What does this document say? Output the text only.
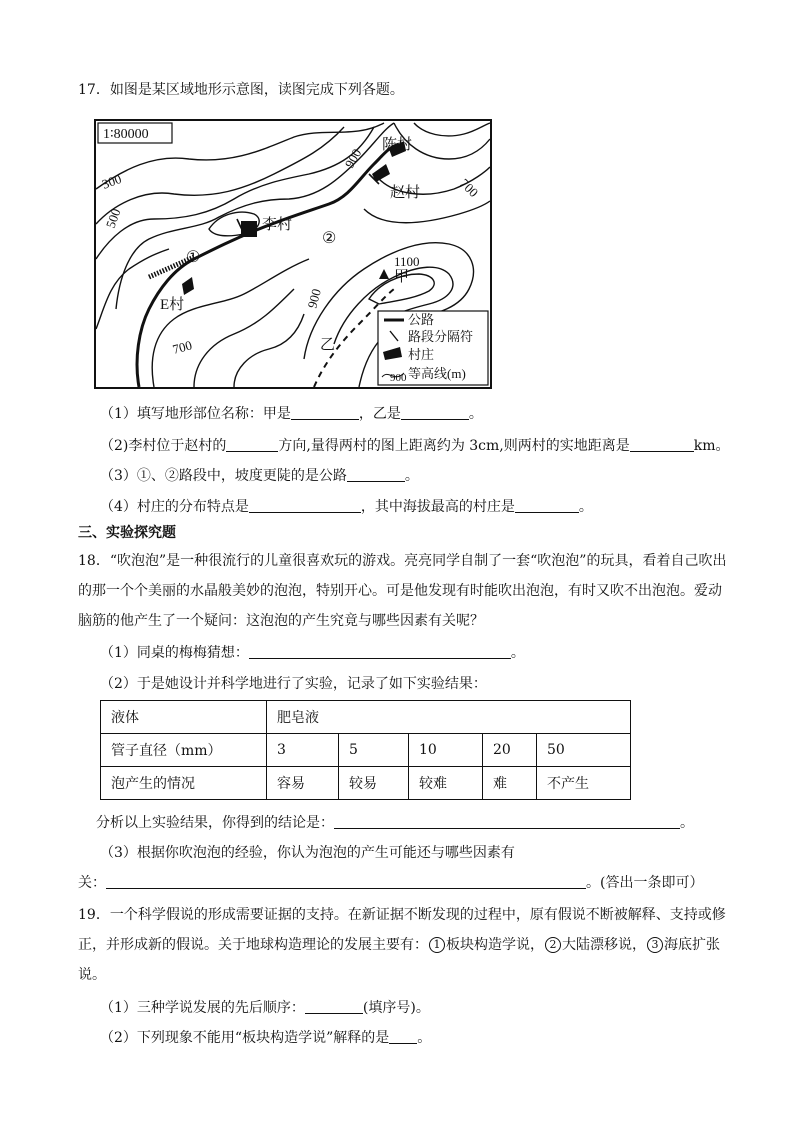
17．如图是某区域地形示意图，读图完成下列各题。
1∶80000
陈村
赵村
李村
E村
甲
乙
①
②
300
500
700
900
700
900
1100
公路
路段分隔符
村庄
900 等高线(m)
（1）填写地形部位名称：甲是	，乙是	。
（2)李村位于赵村的	方向,量得两村的图上距离约为 3cm,则两村的实地距离是	km。
（3）①、②路段中，坡度更陡的是公路	。
（4）村庄的分布特点是	，其中海拔最高的村庄是	。
三、实验探究题
18．“吹泡泡”是一种很流行的儿童很喜欢玩的游戏。亮亮同学自制了一套“吹泡泡”的玩具，看着自己吹出
的那一个个美丽的水晶般美妙的泡泡，特别开心。可是他发现有时能吹出泡泡，有时又吹不出泡泡。爱动
脑筋的他产生了一个疑问：这泡泡的产生究竟与哪些因素有关呢？
（1）同桌的梅梅猜想：	。
（2）于是她设计并科学地进行了实验，记录了如下实验结果：
液体	肥皂液				
管子直径（mm）	3	5	10	20	50
泡产生的情况	容易	较易	较难	难	不产生
分析以上实验结果，你得到的结论是：	。
（3）根据你吹泡泡的经验，你认为泡泡的产生可能还与哪些因素有
关：	。(答出一条即可）
19．一个科学假说的形成需要证据的支持。在新证据不断发现的过程中，原有假说不断被解释、支持或修
正，并形成新的假说。关于地球构造理论的发展主要有： 1 板块构造学说， 2 大陆漂移说， 3 海底扩张
说。
（1）三种学说发展的先后顺序：	(填序号)。
（2）下列现象不能用“板块构造学说”解释的是 。
